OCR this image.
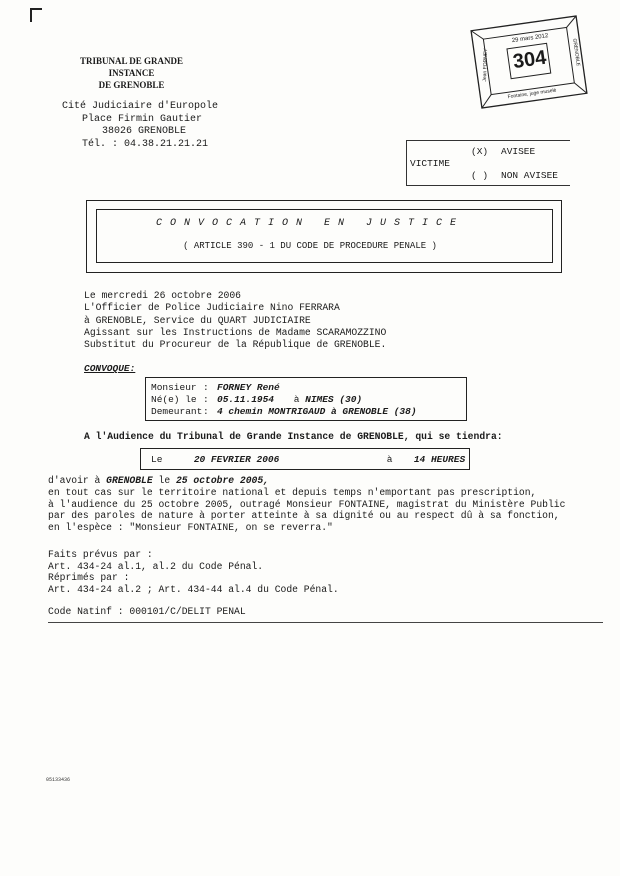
TRIBUNAL DE GRANDE
INSTANCE
DE GRENOBLE
Cité Judiciaire d'Europole
Place Firmin Gautier
38026 GRENOBLE
Tél. : 04.38.21.21.21
29 mars 2012
304
Jean FORNEY	GRENOBLE
Fontaine, juge muselé
VICTIME
(X) AVISEE
( ) NON AVISEE
CONVOCATION EN JUSTICE
( ARTICLE 390 - 1 DU CODE DE PROCEDURE PENALE )
Le mercredi 26 octobre 2006
L'Officier de Police Judiciaire Nino FERRARA
à GRENOBLE, Service du QUART JUDICIAIRE
Agissant sur les Instructions de Madame SCARAMOZZINO
Substitut du Procureur de la République de GRENOBLE.
CONVOQUE:
Monsieur : FORNEY René
Né(e) le : 05.11.1954 à NIMES (30)
Demeurant: 4 chemin MONTRIGAUD à GRENOBLE (38)
A l'Audience du Tribunal de Grande Instance de GRENOBLE, qui se tiendra:
Le	20 FEVRIER 2006	à 14 HEURES
d'avoir à GRENOBLE le 25 octobre 2005,
en tout cas sur le territoire national et depuis temps n'emportant pas prescription,
à l'audience du 25 octobre 2005, outragé Monsieur FONTAINE, magistrat du Ministère Public
par des paroles de nature à porter atteinte à sa dignité ou au respect dû à sa fonction,
en l'espèce : "Monsieur FONTAINE, on se reverra."
Faits prévus par :
Art. 434-24 al.1, al.2 du Code Pénal.
Réprimés par :
Art. 434-24 al.2 ; Art. 434-44 al.4 du Code Pénal.
Code Natinf : 000101/C/DELIT PENAL
05133436
